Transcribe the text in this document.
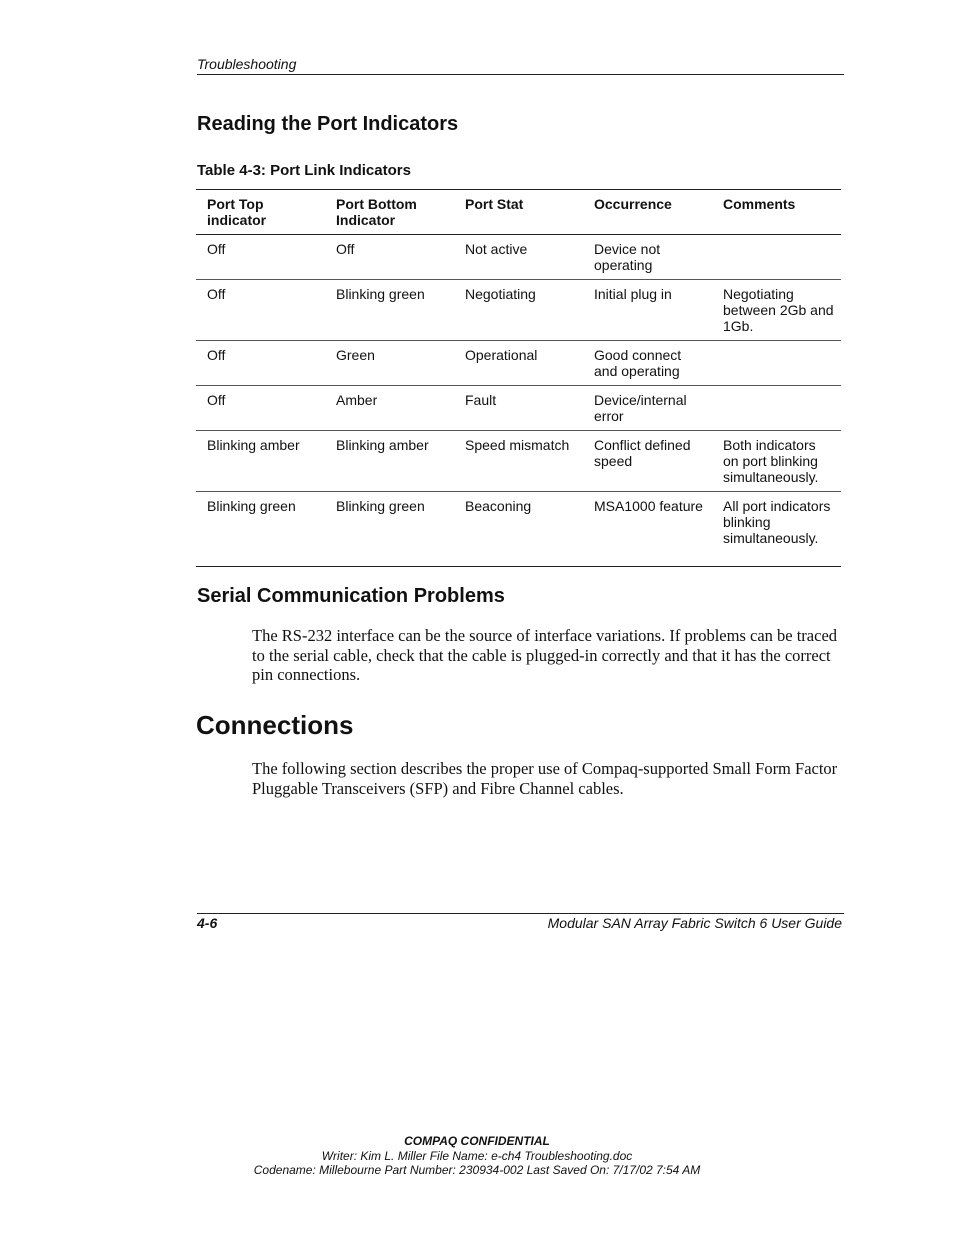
Troubleshooting
Reading the Port Indicators
Table 4-3: Port Link Indicators
Port Top indicator	Port Bottom Indicator	Port Stat	Occurrence	Comments
Off	Off	Not active	Device not operating	
Off	Blinking green	Negotiating	Initial plug in	Negotiating between 2Gb and 1Gb.
Off	Green	Operational	Good connect and operating	
Off	Amber	Fault	Device/internal error	
Blinking amber	Blinking amber	Speed mismatch	Conflict defined speed	Both indicators on port blinking simultaneously.
Blinking green	Blinking green	Beaconing	MSA1000 feature	All port indicators blinking simultaneously.
Serial Communication Problems
The RS-232 interface can be the source of interface variations. If problems can be traced to the serial cable, check that the cable is plugged-in correctly and that it has the correct pin connections.
Connections
The following section describes the proper use of Compaq-supported Small Form Factor Pluggable Transceivers (SFP) and Fibre Channel cables.
4-6	Modular SAN Array Fabric Switch 6 User Guide
COMPAQ CONFIDENTIAL
Writer: Kim L. Miller File Name: e-ch4 Troubleshooting.doc
Codename: Millebourne Part Number: 230934-002 Last Saved On: 7/17/02 7:54 AM
